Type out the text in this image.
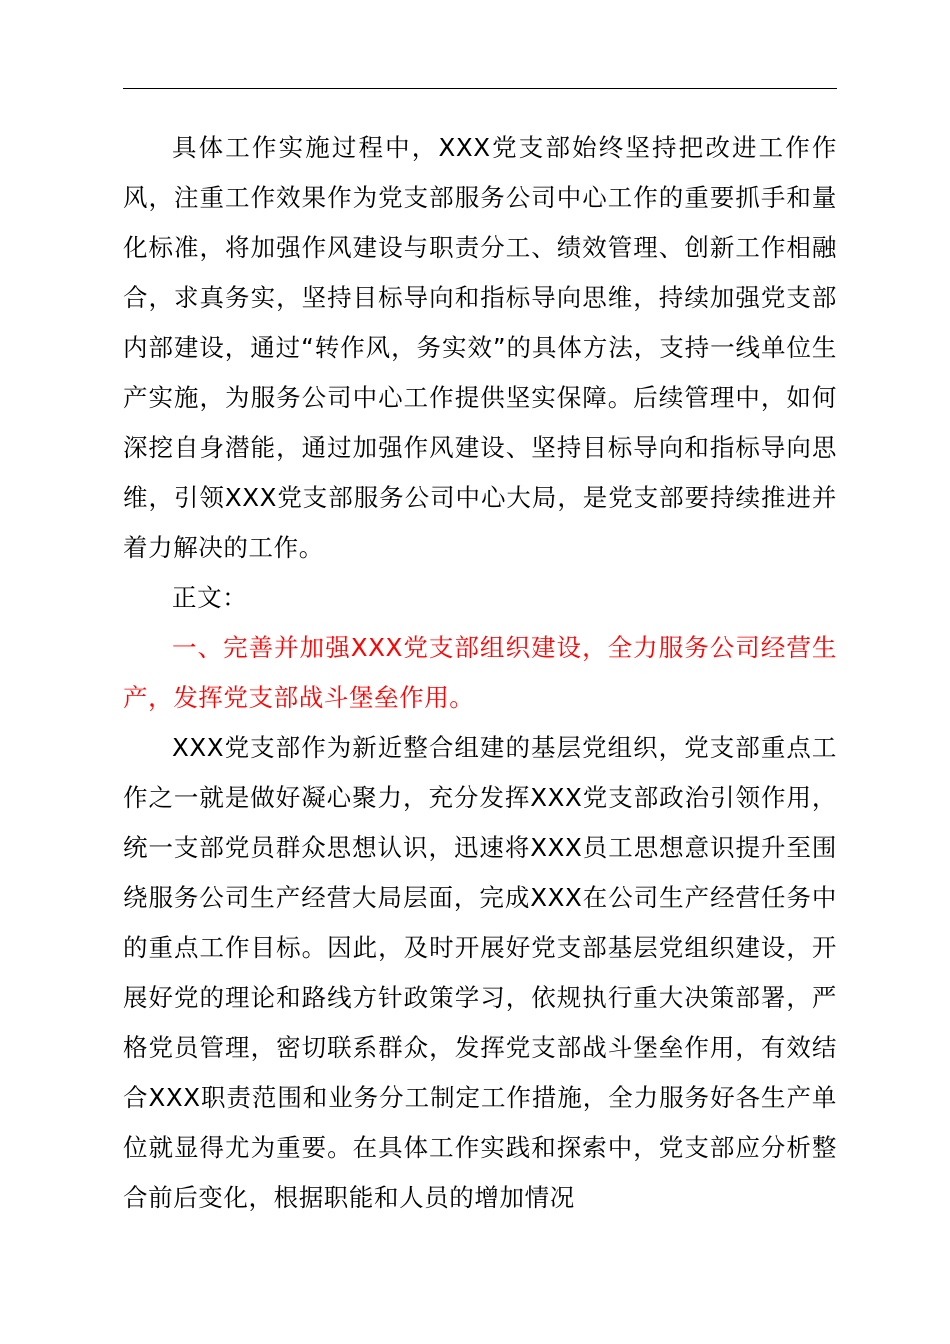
具体工作实施过程中，XXX党支部始终坚持把改进工作作风，注重工作效果作为党支部服务公司中心工作的重要抓手和量化标准，将加强作风建设与职责分工、绩效管理、创新工作相融合，求真务实，坚持目标导向和指标导向思维，持续加强党支部内部建设，通过“转作风，务实效”的具体方法，支持一线单位生产实施，为服务公司中心工作提供坚实保障。后续管理中，如何深挖自身潜能，通过加强作风建设、坚持目标导向和指标导向思维，引领XXX党支部服务公司中心大局，是党支部要持续推进并着力解决的工作。

正文：

一、完善并加强XXX党支部组织建设，全力服务公司经营生产，发挥党支部战斗堡垒作用。

XXX党支部作为新近整合组建的基层党组织，党支部重点工作之一就是做好凝心聚力，充分发挥XXX党支部政治引领作用，统一支部党员群众思想认识，迅速将XXX员工思想意识提升至围绕服务公司生产经营大局层面，完成XXX在公司生产经营任务中的重点工作目标。因此，及时开展好党支部基层党组织建设，开展好党的理论和路线方针政策学习，依规执行重大决策部署，严格党员管理，密切联系群众，发挥党支部战斗堡垒作用，有效结合XXX职责范围和业务分工制定工作措施，全力服务好各生产单位就显得尤为重要。在具体工作实践和探索中，党支部应分析整合前后变化，根据职能和人员的增加情况
